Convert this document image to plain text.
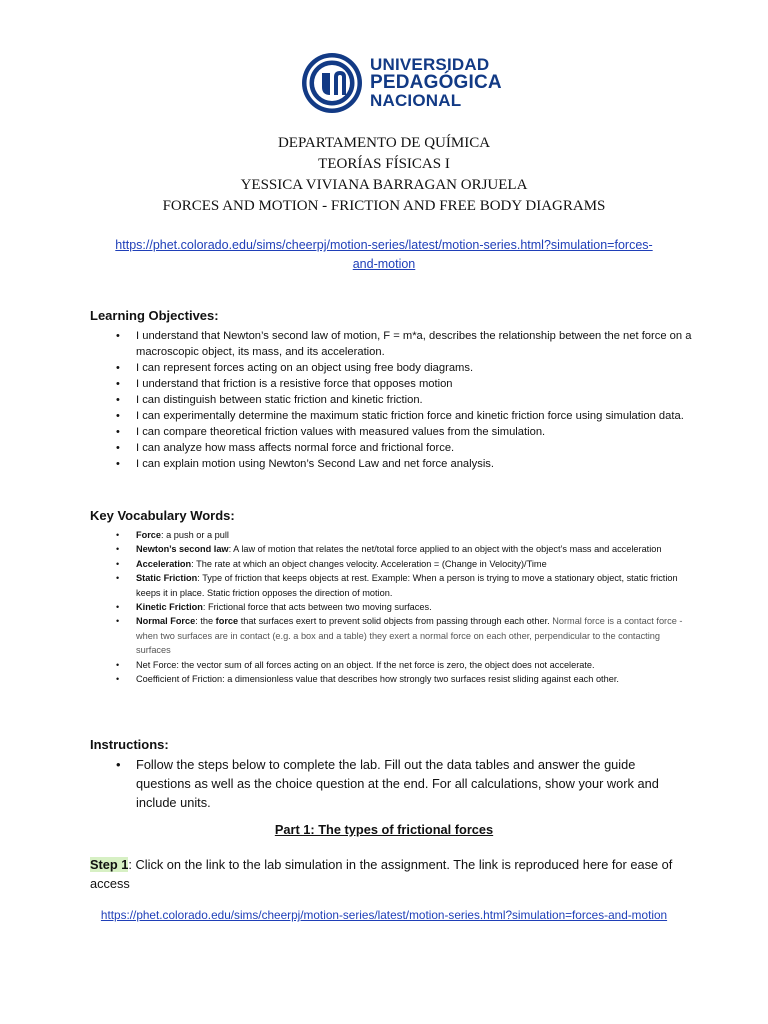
UNIVERSIDAD
PEDAGÓGICA
NACIONAL
DEPARTAMENTO DE QUÍMICA
TEORÍAS FÍSICAS I
YESSICA VIVIANA BARRAGAN ORJUELA
FORCES AND MOTION - FRICTION AND FREE BODY DIAGRAMS
https://phet.colorado.edu/sims/cheerpj/motion-series/latest/motion-series.html?simulation=forces-
and-motion
Learning Objectives:
• I understand that Newton’s second law of motion, F = m*a, describes the relationship between the net force on a macroscopic object, its mass, and its acceleration.
• I can represent forces acting on an object using free body diagrams.
• I understand that friction is a resistive force that opposes motion
• I can distinguish between static friction and kinetic friction.
• I can experimentally determine the maximum static friction force and kinetic friction force using simulation data.
• I can compare theoretical friction values with measured values from the simulation.
• I can analyze how mass affects normal force and frictional force.
• I can explain motion using Newton’s Second Law and net force analysis.
Key Vocabulary Words:
• Force: a push or a pull
• Newton’s second law: A law of motion that relates the net/total force applied to an object with the object’s mass and acceleration
• Acceleration: The rate at which an object changes velocity. Acceleration = (Change in Velocity)/Time
• Static Friction: Type of friction that keeps objects at rest. Example: When a person is trying to move a stationary object, static friction keeps it in place. Static friction opposes the direction of motion.
• Kinetic Friction: Frictional force that acts between two moving surfaces.
• Normal Force: the force that surfaces exert to prevent solid objects from passing through each other. Normal force is a contact force - when two surfaces are in contact (e.g. a box and a table) they exert a normal force on each other, perpendicular to the contacting surfaces
• Net Force: the vector sum of all forces acting on an object. If the net force is zero, the object does not accelerate.
• Coefficient of Friction: a dimensionless value that describes how strongly two surfaces resist sliding against each other.
Instructions:
• Follow the steps below to complete the lab. Fill out the data tables and answer the guide questions as well as the choice question at the end. For all calculations, show your work and include units.
Part 1: The types of frictional forces
Step 1: Click on the link to the lab simulation in the assignment. The link is reproduced here for ease of access
https://phet.colorado.edu/sims/cheerpj/motion-series/latest/motion-series.html?simulation=forces-and-motion
